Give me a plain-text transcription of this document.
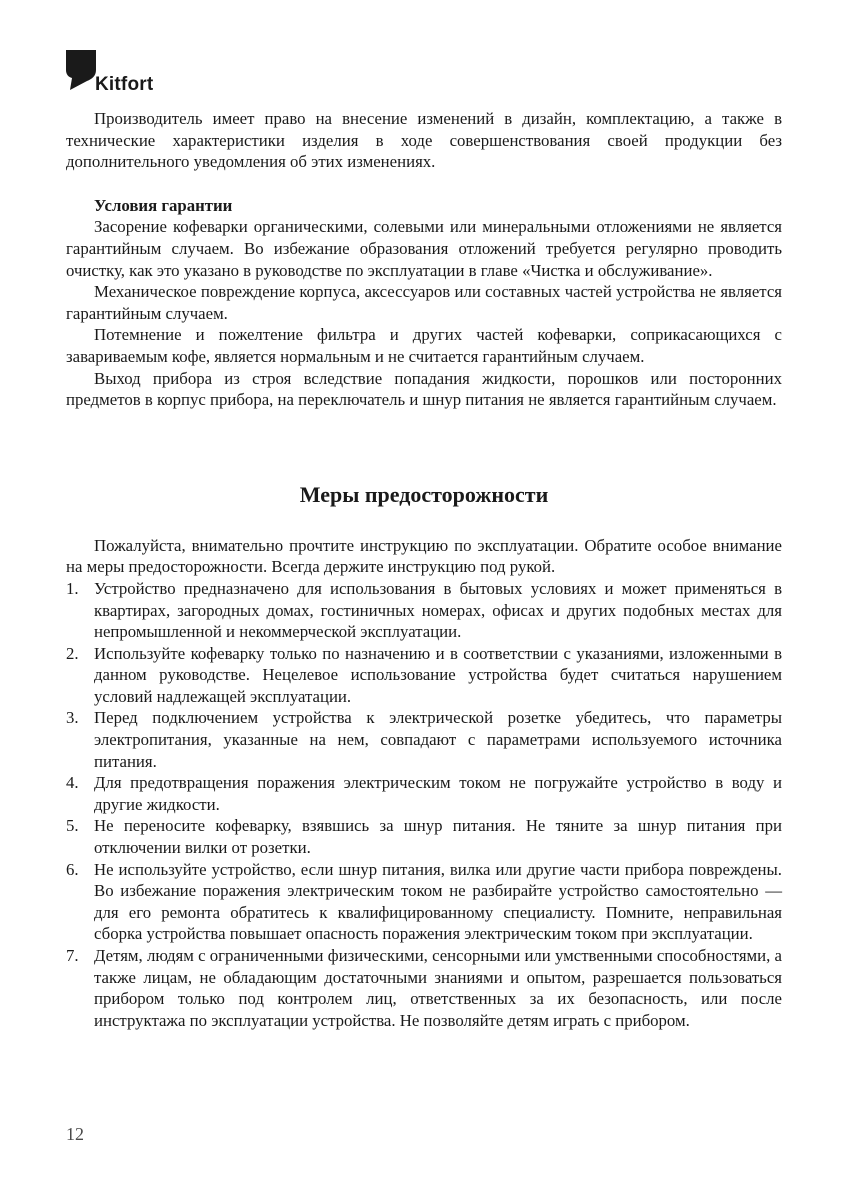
Kitfort

Производитель имеет право на внесение изменений в дизайн, комплектацию, а также в технические характеристики изделия в ходе совершенствования своей продукции без дополнительного уведомления об этих изменениях.

Условия гарантии

Засорение кофеварки органическими, солевыми или минеральными отложениями не является гарантийным случаем. Во избежание образования отложений требуется регулярно проводить очистку, как это указано в руководстве по эксплуатации в главе «Чистка и обслуживание».

Механическое повреждение корпуса, аксессуаров или составных частей устройства не является гарантийным случаем.

Потемнение и пожелтение фильтра и других частей кофеварки, соприкасающихся с завариваемым кофе, является нормальным и не считается гарантийным случаем.

Выход прибора из строя вследствие попадания жидкости, порошков или посторонних предметов в корпус прибора, на переключатель и шнур питания не является гарантийным случаем.

Меры предосторожности

Пожалуйста, внимательно прочтите инструкцию по эксплуатации. Обратите особое внимание на меры предосторожности. Всегда держите инструкцию под рукой.

1. Устройство предназначено для использования в бытовых условиях и может применяться в квартирах, загородных домах, гостиничных номерах, офисах и других подобных местах для непромышленной и некоммерческой эксплуатации.
2. Используйте кофеварку только по назначению и в соответствии с указаниями, изложенными в данном руководстве. Нецелевое использование устройства будет считаться нарушением условий надлежащей эксплуатации.
3. Перед подключением устройства к электрической розетке убедитесь, что параметры электропитания, указанные на нем, совпадают с параметрами используемого источника питания.
4. Для предотвращения поражения электрическим током не погружайте устройство в воду и другие жидкости.
5. Не переносите кофеварку, взявшись за шнур питания. Не тяните за шнур питания при отключении вилки от розетки.
6. Не используйте устройство, если шнур питания, вилка или другие части прибора повреждены. Во избежание поражения электрическим током не разбирайте устройство самостоятельно — для его ремонта обратитесь к квалифицированному специалисту. Помните, неправильная сборка устройства повышает опасность поражения электрическим током при эксплуатации.
7. Детям, людям с ограниченными физическими, сенсорными или умственными способностями, а также лицам, не обладающим достаточными знаниями и опытом, разрешается пользоваться прибором только под контролем лиц, ответственных за их безопасность, или после инструктажа по эксплуатации устройства. Не позволяйте детям играть с прибором.
12
